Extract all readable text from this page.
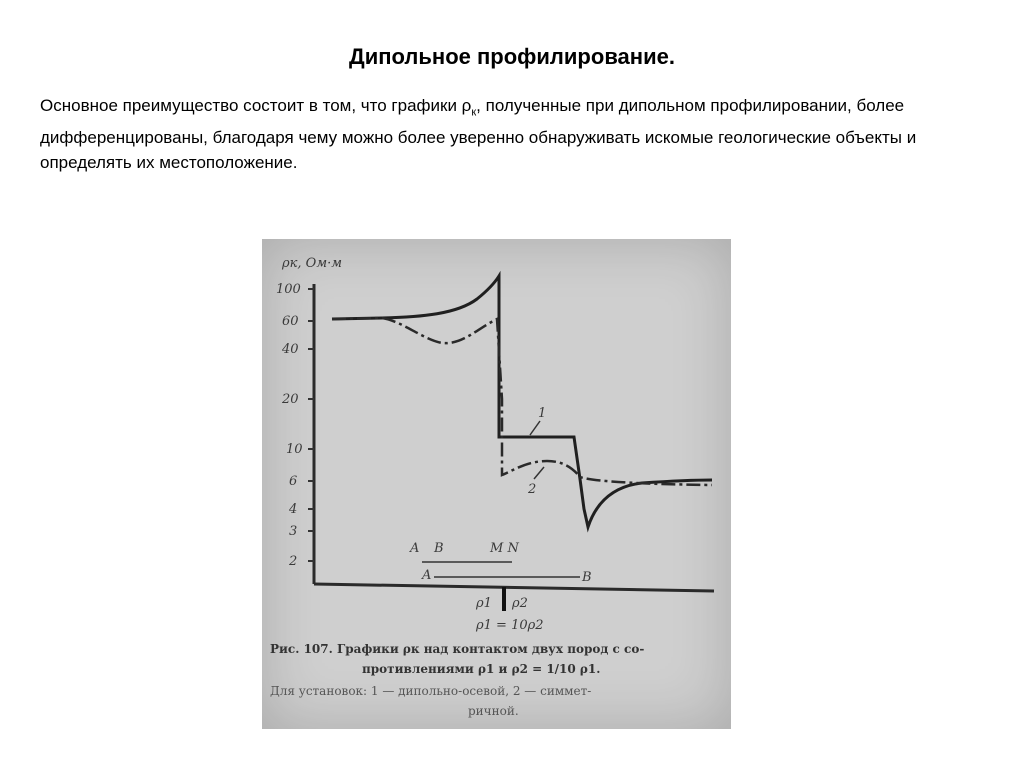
Дипольное профилирование.
Основное преимущество состоит в том, что графики $\rho_к$, полученные при дипольном профилировании, более дифференцированы, благодаря чему можно более уверенно обнаруживать искомые геологические объекты и определять их местоположение.
ρк, Ом·м
100
60
40
20
10
6
4
3
2
1
2
A B	M N
A	B
ρ1 ρ2
ρ1 = 10ρ2
Рис. 107. Графики ρк над контактом двух пород с со-
противлениями ρ1 и ρ2 = 1/10 ρ1.
Для установок: 1 — дипольно-осевой, 2 — симмет-
ричной.
